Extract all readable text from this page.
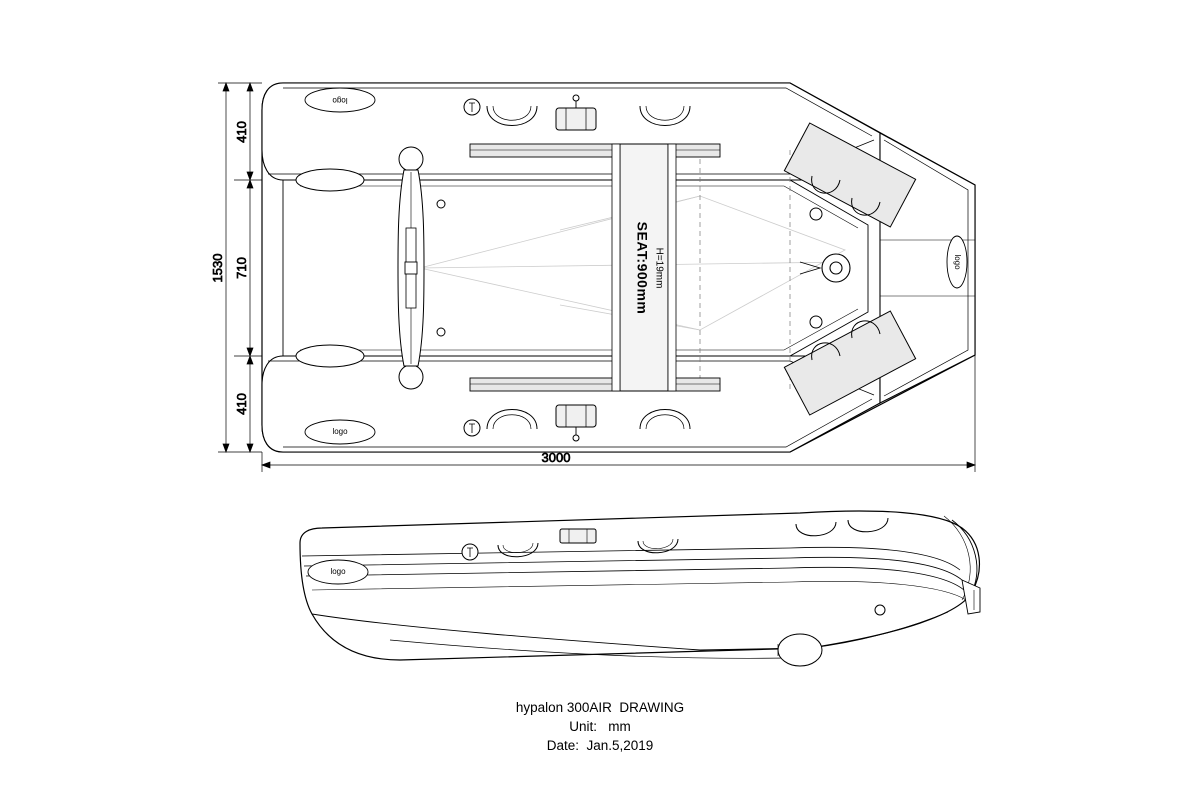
SEAT:900mm H=19mm
logo
logo
logo
1530
410
710
410
3000
logo
hypalon 300AIR  DRAWING
Unit:   mm
Date:  Jan.5,2019
